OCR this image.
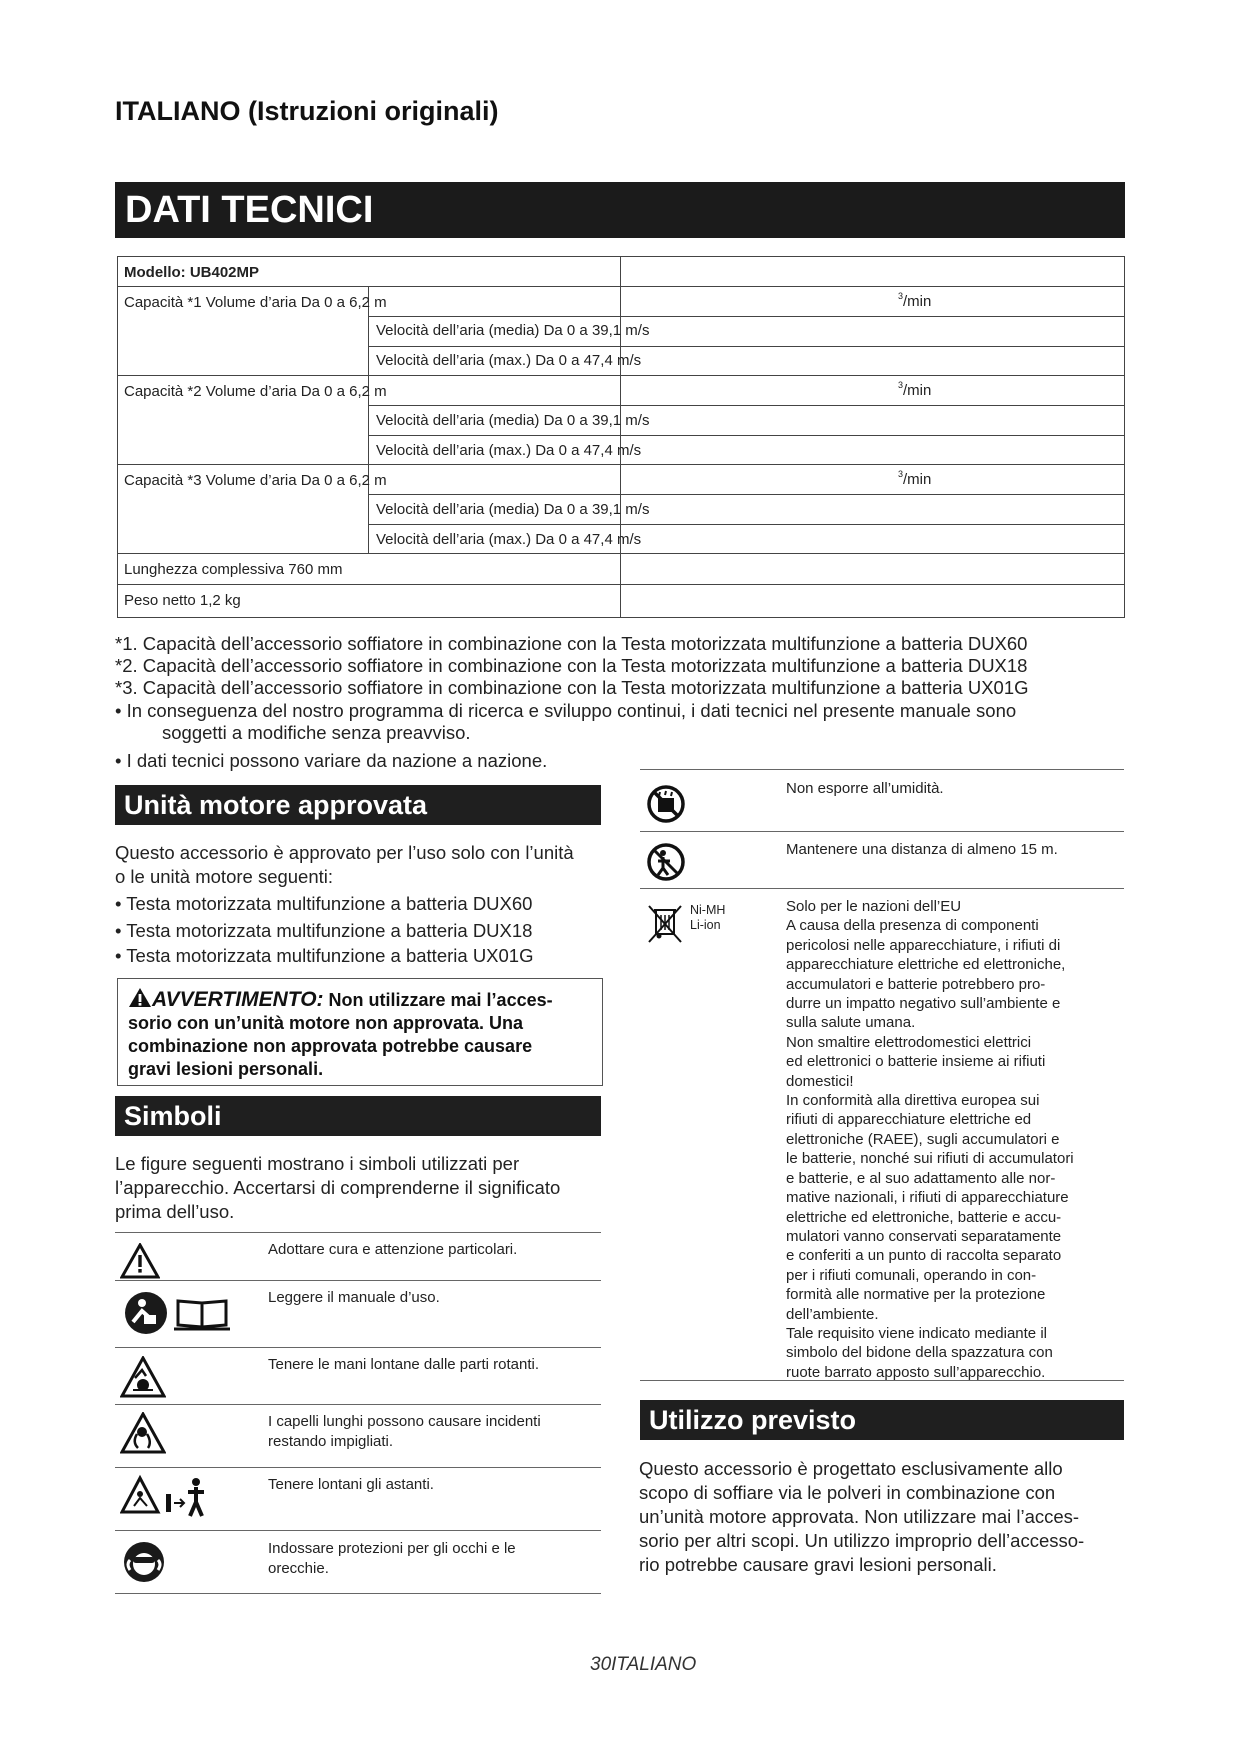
ITALIANO (Istruzioni originali)
DATI TECNICI
Modello: UB402MP
Capacità *1 Volume d’aria Da 0 a 6,2 m	$^3$/min
Velocità dell’aria (media) Da 0 a 39,1 m/s
Velocità dell’aria (max.) Da 0 a 47,4 m/s
Capacità *2 Volume d’aria Da 0 a 6,2 m	$^3$/min
Velocità dell’aria (media) Da 0 a 39,1 m/s
Velocità dell’aria (max.) Da 0 a 47,4 m/s
Capacità *3 Volume d’aria Da 0 a 6,2 m	$^3$/min
Velocità dell’aria (media) Da 0 a 39,1 m/s
Velocità dell’aria (max.) Da 0 a 47,4 m/s
Lunghezza complessiva 760 mm
Peso netto 1,2 kg
*1. Capacità dell’accessorio soffiatore in combinazione con la Testa motorizzata multifunzione a batteria DUX60
*2. Capacità dell’accessorio soffiatore in combinazione con la Testa motorizzata multifunzione a batteria DUX18
*3. Capacità dell’accessorio soffiatore in combinazione con la Testa motorizzata multifunzione a batteria UX01G
• In conseguenza del nostro programma di ricerca e sviluppo continui, i dati tecnici nel presente manuale sono
soggetti a modifiche senza preavviso.
• I dati tecnici possono variare da nazione a nazione.
Unità motore approvata
Questo accessorio è approvato per l’uso solo con l’unità
o le unità motore seguenti:
• Testa motorizzata multifunzione a batteria DUX60
• Testa motorizzata multifunzione a batteria DUX18
• Testa motorizzata multifunzione a batteria UX01G
AVVERTIMENTO: Non utilizzare mai l’acces-
sorio con un’unità motore non approvata. Una
combinazione non approvata potrebbe causare
gravi lesioni personali.
Simboli
Le figure seguenti mostrano i simboli utilizzati per
l’apparecchio. Accertarsi di comprenderne il significato
prima dell’uso.
Adottare cura e attenzione particolari.
Leggere il manuale d’uso.
Tenere le mani lontane dalle parti rotanti.
I capelli lunghi possono causare incidenti
restando impigliati.
Tenere lontani gli astanti.
Indossare protezioni per gli occhi e le
orecchie.
Non esporre all’umidità.
Mantenere una distanza di almeno 15 m.
Ni-MH
Li-ion
Solo per le nazioni dell’EU
A causa della presenza di componenti
pericolosi nelle apparecchiature, i rifiuti di
apparecchiature elettriche ed elettroniche,
accumulatori e batterie potrebbero pro-
durre un impatto negativo sull’ambiente e
sulla salute umana.
Non smaltire elettrodomestici elettrici
ed elettronici o batterie insieme ai rifiuti
domestici!
In conformità alla direttiva europea sui
rifiuti di apparecchiature elettriche ed
elettroniche (RAEE), sugli accumulatori e
le batterie, nonché sui rifiuti di accumulatori
e batterie, e al suo adattamento alle nor-
mative nazionali, i rifiuti di apparecchiature
elettriche ed elettroniche, batterie e accu-
mulatori vanno conservati separatamente
e conferiti a un punto di raccolta separato
per i rifiuti comunali, operando in con-
formità alle normative per la protezione
dell’ambiente.
Tale requisito viene indicato mediante il
simbolo del bidone della spazzatura con
ruote barrato apposto sull’apparecchio.
Utilizzo previsto
Questo accessorio è progettato esclusivamente allo
scopo di soffiare via le polveri in combinazione con
un’unità motore approvata. Non utilizzare mai l’acces-
sorio per altri scopi. Un utilizzo improprio dell’accesso-
rio potrebbe causare gravi lesioni personali.
30ITALIANO
